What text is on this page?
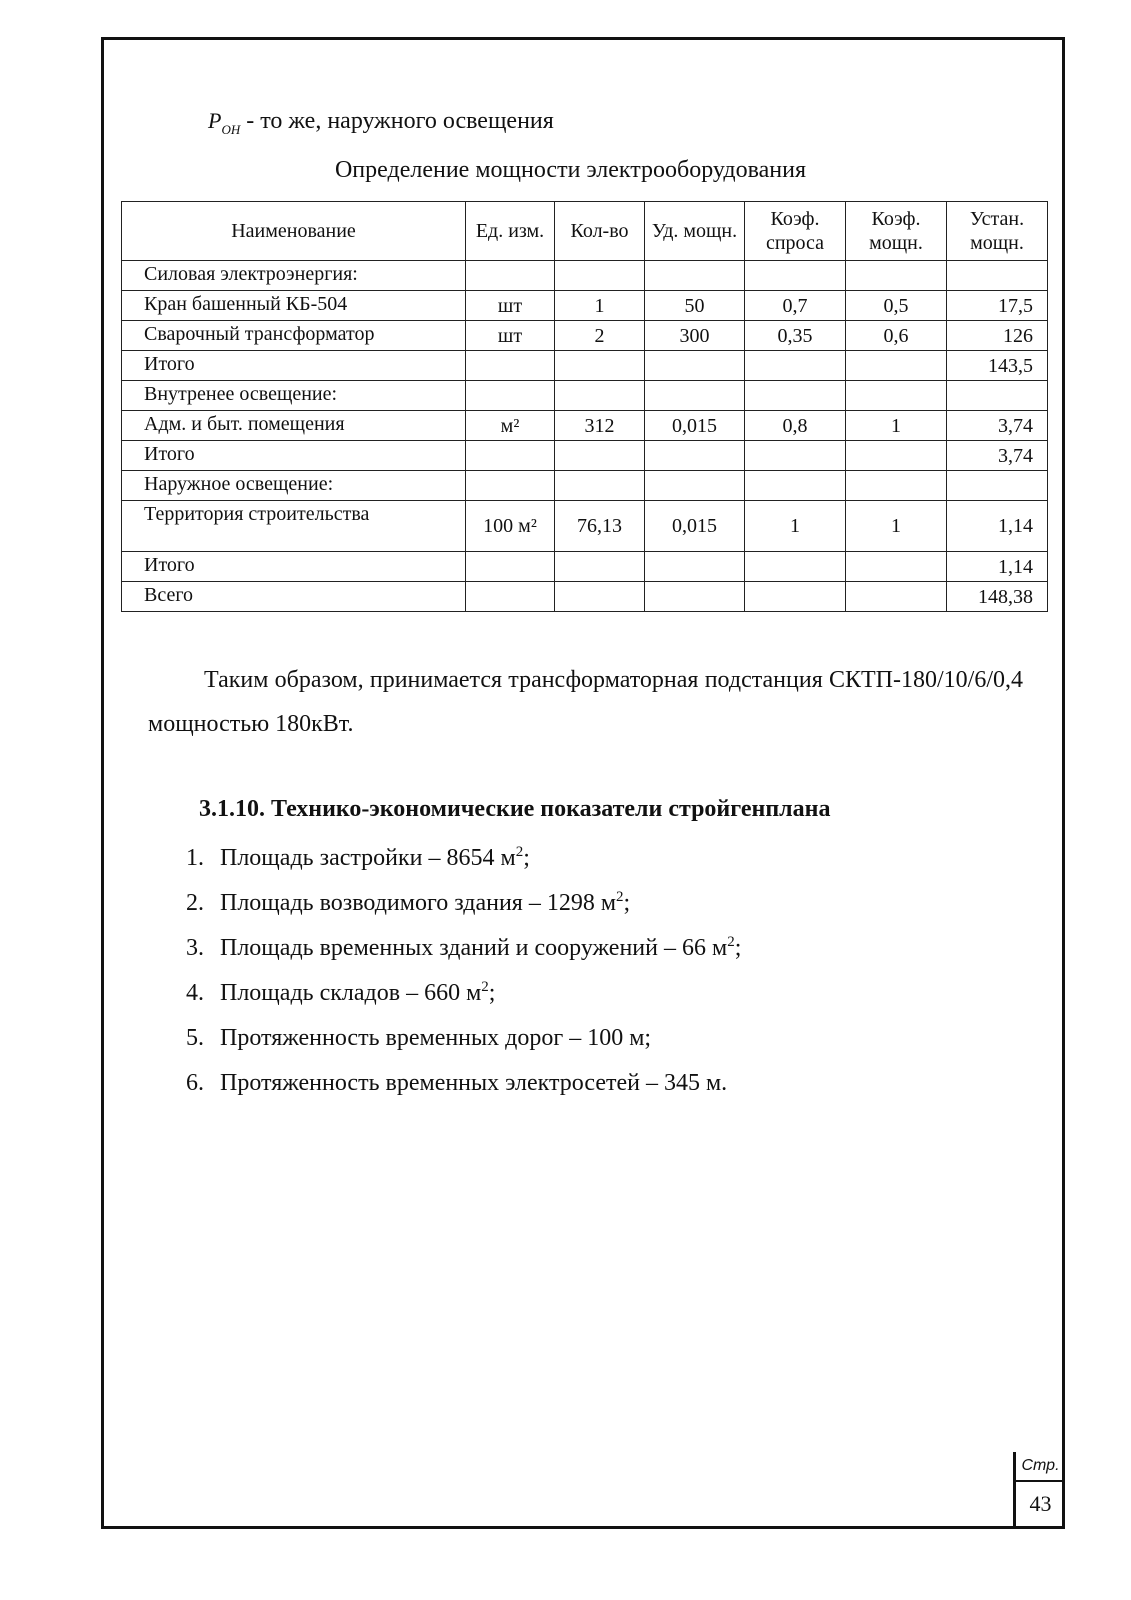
$P_{ОН}$ - то же, наружного освещения
Определение мощности электрооборудования
Наименование	Ед. изм.	Кол-во	Уд. мощн.	Коэф. спроса	Коэф. мощн.	Устан. мощн.
Силовая электроэнергия:						
Кран башенный КБ-504	шт	1	50	0,7	0,5	17,5
Сварочный трансформатор	шт	2	300	0,35	0,6	126
Итого						143,5
Внутренее освещение:						
Адм. и быт. помещения	м²	312	0,015	0,8	1	3,74
Итого						3,74
Наружное освещение:						
Территория строительства	100 м²	76,13	0,015	1	1	1,14
Итого						1,14
Всего						148,38
Таким образом, принимается трансформаторная подстанция СКТП-180/10/6/0,4 мощностью 180кВт.
3.1.10. Технико-экономические показатели стройгенплана
1. Площадь застройки – 8654 $м^2$;
2. Площадь возводимого здания – 1298 $м^2$;
3. Площадь временных зданий и сооружений – 66 $м^2$;
4. Площадь складов – 660 $м^2$;
5. Протяженность временных дорог – 100 м;
6. Протяженность временных электросетей – 345 м.
Стр.
43
